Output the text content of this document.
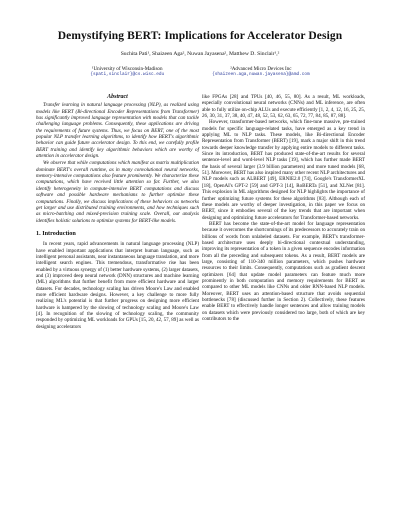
Demystifying BERT: Implications for Accelerator Design
Suchita Pati¹, Shaizeen Aga², Nuwan Jayasena², Matthew D. Sinclair¹,²
¹University of Wisconsin-Madison
{spati,sinclair}@cs.wisc.edu
²Advanced Micro Devices Inc
{shaizeen.aga,nuwan.jayasena}@amd.com
Abstract

Transfer learning in natural language processing (NLP), as realized using models like BERT (Bi-directional Encoder Representations from Transformer) has significantly improved language representation with models that can tackle challenging language problems. Consequently, these applications are driving the requirements of future systems. Thus, we focus on BERT, one of the most popular NLP transfer learning algorithms, to identify how BERT's algorithmic behavior can guide future accelerator design. To this end, we carefully profile BERT training and identify key algorithmic behaviors which are worthy of attention in accelerator design.

We observe that while computations which manifest as matrix multiplication dominate BERT's overall runtime, as in many convolutional neural networks, memory-intensive computations also feature prominently. We characterize these computations, which have received little attention so far. Further, we also identify heterogeneity in compute-intensive BERT computations and discuss software and possible hardware mechanisms to further optimize these computations. Finally, we discuss implications of these behaviors as networks get larger and use distributed training environments, and how techniques such as micro-batching and mixed-precision training scale. Overall, our analysis identifies holistic solutions to optimize systems for BERT-like models.

1. Introduction

In recent years, rapid advancements in natural language processing (NLP) have enabled important applications that interpret human language, such as intelligent personal assistants, near instantaneous language translation, and more intelligent search engines. This tremendous, transformative rise has been enabled by a virtuous synergy of (1) better hardware systems, (2) larger datasets, and (3) improved deep neural network (DNN) structures and machine learning (ML) algorithms that further benefit from more efficient hardware and larger datasets. For decades, technology scaling has driven Moore's Law and enabled more efficient hardware designs. However, a key challenge to more fully realizing ML's potential is that further progress on designing more efficient hardware is hampered by the slowing of technology scaling and Moore's Law [4]. In recognition of the slowing of technology scaling, the community responded by optimizing ML workloads for GPUs [15, 20, 42, 57, 89] as well as designing accelerators

like FPGAs [28] and TPUs [40, 46, 55, 80]. As a result, ML workloads, especially convolutional neural networks (CNNs) and ML inference, are often able to fully utilize on-chip ALUs and execute efficiently [1, 2, 4, 12, 16, 25, 25, 26, 30, 31, 37, 38, 40, 47, 48, 52, 53, 62, 63, 65, 72, 77, 84, 85, 87, 88].

However, transformer-based networks, which fine-tune massive, pre-trained models for specific language-related tasks, have emerged as a key trend in applying ML to NLP tasks. These models, like Bi-directional Encoder Representation from Transformer (BERT) [19], mark a major shift in this trend towards deeper knowledge transfer by applying entire models to different tasks. Since its introduction, BERT has produced state-of-the-art results for several sentence-level and word-level NLP tasks [19], which has further made BERT the basis of several larger (3.9 billion parameters) and more tuned models [68, 51]. Moreover, BERT has also inspired many other recent NLP architectures and NLP models such as ALBERT [49], ERNIE2.0 [74], Google's TransformerXL [18], OpenAI's GPT-2 [59] and GPT-3 [14], RoBERTa [51], and XLNet [81]. This explosion in ML algorithms designed for NLP highlights the importance of further optimizing future systems for these algorithms [83]. Although each of these models are worthy of deeper investigation, in this paper we focus on BERT, since it embodies several of the key trends that are important when designing and optimizing future accelerators for Transformer-based networks.

BERT has become the state-of-the-art model for language representation because it overcomes the shortcomings of its predecessors to accurately train on billions of words from unlabeled datasets. For example, BERT's transformer-based architecture uses deeply bi-directional contextual understanding, improving its representation of a token in a given sequence encodes information from all the preceding and subsequent tokens. As a result, BERT models are large, consisting of 110-340 million parameters, which pushes hardware resources to their limits. Consequently, computations such as gradient descent optimizers [64] that update model parameters can feature much more prominently in both computation and memory requirements for BERT as compared to other ML models like CNNs and older RNN-based NLP models. Moreover, BERT uses an attention-based structure that avoids sequential bottlenecks [78] (discussed further in Section 2). Collectively, these features enable BERT to effectively handle longer sentences and allow training models on datasets which were previously considered too large, both of which are key contributors to the
